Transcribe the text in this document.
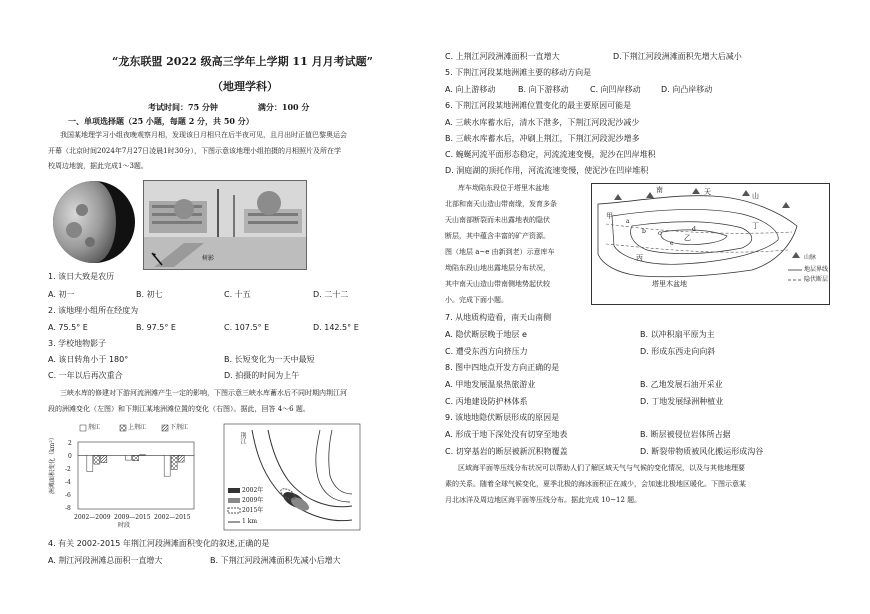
“龙东联盟 2022 级高三学年上学期 11 月月考试题”
（地理学科）
考试时间：75 分钟　　　　　满分：100 分
一、单项选择题（25 小题，每题 2 分，共 50 分）
我国某地理学习小组夜晚观察月相，发现该日月相只在后半夜可见，且月出时正值巴黎奥运会
开幕（北京时间2024年7月27日凌晨1时30分），下图示意该地理小组拍摄的月相照片及所在学
校周边地貌，据此完成1～3题。
树影
1. 该日大致是农历
A. 初一	B. 初七	C. 十五	D. 二十二
2. 该地理小组所在经度为
A. 75.5° E	B. 97.5° E	C. 107.5° E	D. 142.5° E
3. 学校地物影子
A. 该日转角小于 180°	B. 长短变化为一天中最短
C. 一年以后再次重合	D. 拍摄的时间为上午
三峡水库的修建对下游河流洲滩产生一定的影响，下图示意三峡水库蓄水后不同时期内荆江河
段的洲滩变化（左图）和下荆江某地洲滩位置的变化（右图）。据此，回答 4～6 题。
洲滩面积变化（km²）
时段
荆江	上荆江	下荆江
2
0
-2
-4
-6
-8
2002—2009 2009—2015 2002—2015
荆江
2002年
2009年
2015年
1 km
4. 有关 2002-2015 年荆江河段洲滩面积变化的叙述,正确的是
A. 荆江河段洲滩总面积一直增大	B. 下荆江河段洲滩面积先减小后增大
C. 上荆江河段洲滩面积一直增大	D.下荆江河段洲滩面积先增大后减小
5. 下荆江河段某地洲滩主要的移动方向是
A. 向上游移动	B. 向下游移动	C. 向凹岸移动	D. 向凸岸移动
6. 下荆江河段某地洲滩位置变化的最主要原因可能是
A. 三峡水库蓄水后，清水下泄多，下荆江河段泥沙减少
B. 三峡水库蓄水后，冲刷上荆江，下荆江河段泥沙增多
C. 蜿蜒河流平面形态稳定，河流流速变慢，泥沙在凹岸堆积
D. 洞庭湖的顶托作用，河流流速变慢，使泥沙在凹岸堆积
库车坳陷东段位于塔里木盆地
北部和南天山造山带南缘，发育多条
天山南部断裂而未出露地表的隐伏
断层，其中蕴含丰富的矿产资源。
图（地层 a~e 由新到老）示意库车
坳陷东段山地出露地层分布状况，
其中南天山造山带南侧地势起伏较
小。完成下面小题。
南	天	山
塔里木盆地
甲
乙
丙
丁
a
b c
d
e
山脉
地层界线
隐伏断层
7. 从地质构造看，南天山南侧
A. 隐伏断层晚于地层 e	B. 以冲积扇平原为主
C. 遭受东西方向挤压力	D. 形成东西走向向斜
8. 图中四地点开发方向正确的是
A. 甲地发展温泉热旅游业	B. 乙地发展石油开采业
C. 丙地建设防护林体系	D. 丁地发展绿洲种植业
9. 该地地隐伏断层形成的原因是
A. 形成于地下深处没有切穿至地表	B. 断层被侵位岩体所占据
C. 切穿基岩的断层被新沉积物覆盖	D. 断裂带物质被风化搬运形成沟谷
区域海平面等压线分布状况可以帮助人们了解区域天气与气候的变化情况，以及与其他地理要
素的关系。随着全球气候变化，夏季北极的海冰面积正在减少，会加速北极地区暖化。下图示意某
月北冰洋及周边地区海平面等压线分布。据此完成 10~12 题。
